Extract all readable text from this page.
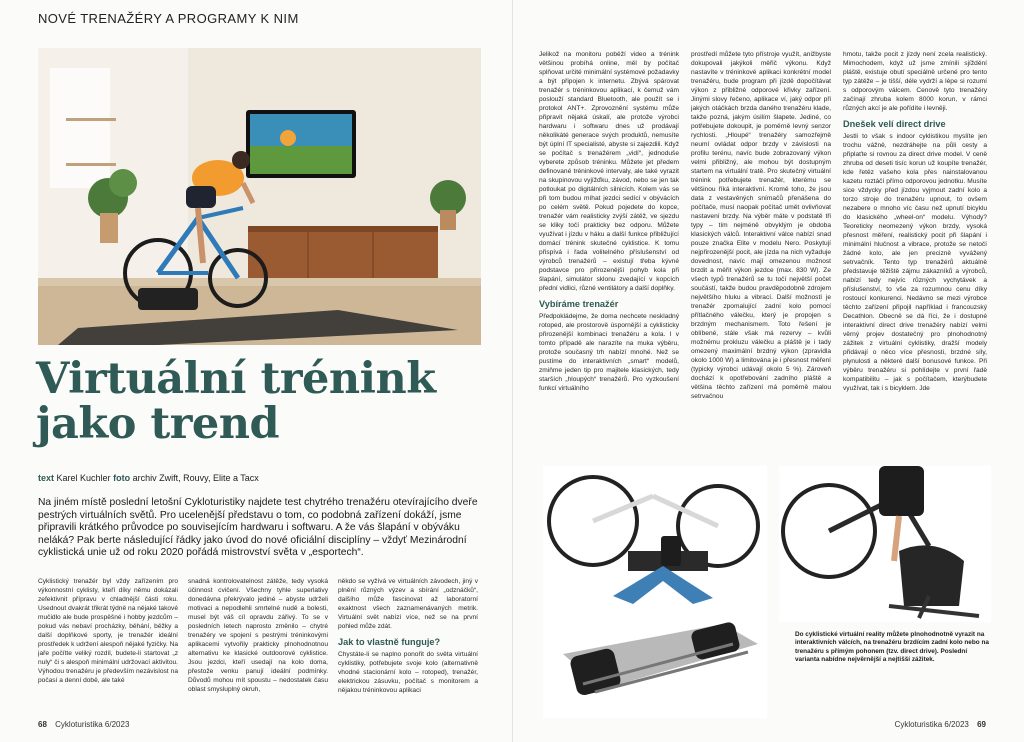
NOVÉ TRENAŽÉRY A PROGRAMY K NIM
Virtuální trénink
jako trend
text Karel Kuchler foto archiv Zwift, Rouvy, Elite a Tacx

Na jiném místě poslední letošní Cykloturistiky najdete test chytrého trenažéru otevírajícího dveře pestrých virtuálních světů. Pro ucelenější představu o tom, co podobná zařízení dokáží, jsme připravili krátkého průvodce po souvisejícím hardwaru i softwaru. A že vás šlapání v obýváku neláká? Pak berte následující řádky jako úvod do nové oficiální disciplíny – vždyť Mezinárodní cyklistická unie už od roku 2020 pořádá mistrovství světa v „esportech“.

Cyklistický trenažér byl vždy zařízením pro výkonnostní cyklisty, kteří díky němu dokázali zefektivnit přípravu v chladnější části roku. Usednout dvakrát třikrát týdně na nějaké takové mučidlo ale bude prospěšné i hobby jezdcům – pokud vás nebaví procházky, běhání, běžky a další doplňkové sporty, je trenažér ideální prostředek k udržení alespoň nějaké fyzičky. Na jaře počítte veliký rozdíl, budete-li startovat „z nuly“ či s alespoň minimální udržovací aktivitou. Výhodou trenažéru je především nezávislost na počasí a denní době, ale také

snadná kontrolovatelnost zátěže, tedy vysoká účinnost cvičení. Všechny tyhle superlativy donedávna překrývalo jediné – abyste udrželi motivaci a nepodlehli smrtelné nudě a bolesti, musel být váš cíl opravdu zářivý. To se v posledních letech naprosto změnilo – chytré trenažéry ve spojení s pestrými tréninkovými aplikacemi vytvořily prakticky plnohodnotnou alternativu ke klasické outdoorové cyklistice. Jsou jezdci, kteří usedají na kolo doma, přestože venku panují ideální podmínky. Důvodů mohou mít spoustu – nedostatek času oblast smysluplný okruh,

někdo se vyžívá ve virtuálních závodech, jiný v plnění různých výzev a sbírání „odznáčků“, dalšího může fascinovat až laboratorní exaktnost všech zaznamenávaných metrik. Virtuální svět nabízí více, než se na první pohled může zdát.

Jak to vlastně funguje?

Chystáte-li se naplno ponořit do světa virtuální cyklistiky, potřebujete svoje kolo (alternativně vhodné stacionární kolo – rotoped), trenažér, elektrickou zásuvku, počítač s monitorem a nějakou tréninkovou aplikaci

68 Cykloturistika 6/2023

Jelikož na monitoru poběží video a trénink většinou probíhá online, měl by počítač splňovat určité minimální systémové požadavky a být připojen k internetu. Zbývá spárovat trenažér s tréninkovou aplikací, k čemuž vám poslouží standard Bluetooth, ale použít se i protokol ANT+. Zprovoznění systému může připravit nějaká úskalí, ale protože výrobci hardwaru i softwaru dnes už prodávají několikáté generace svých produktů, nemusíte být úplní IT specialisté, abyste si zajezdili. Když se počítač s trenažérem „vidí“, jednoduše vyberete způsob tréninku. Můžete jet předem definované tréninkové intervaly, ale také vyrazit na skupinovou vyjížďku, závod, nebo se jen tak potloukat po digitálních silnicích. Kolem vás se při tom budou míhat jezdci sedící v obývácích po celém světě. Pokud pojedete do kopce, trenažér vám realisticky zvýší zátěž, ve sjezdu se kliky točí prakticky bez odporu. Můžete využívat i jízdu v háku a další funkce přibližující domácí trénink skutečné cyklistice. K tomu přispívá i řada volitelného příslušenství od výrobců trenažérů – existují třeba kývné podstavce pro přirozenější pohyb kola při šlapání, simulátor sklonu zvedající v kopcích přední vidlici, různé ventilátory a další doplňky.

Vybíráme trenažér

Předpokládejme, že doma nechcete neskladný rotoped, ale prostorově úspornější a cyklisticky přirozenější kombinaci trenažéru a kola. I v tomto případě ale narazíte na muka výběru, protože současný trh nabízí mnohé. Než se pustíme do interaktivních „smart“ modelů, zmiňme jeden tip pro majitele klasických, tedy starších „hloupých“ trenažérů. Pro vyzkoušení funkcí virtuálního

prostředí můžete tyto přístroje využít, anižbyste dokupovali jakýkoli měřič výkonu. Když nastavíte v tréninkové aplikaci konkrétní model trenažéru, bude program při jízdě dopočítávat výkon z přibližné odporové křivky zařízení. Jinými slovy řečeno, aplikace ví, jaký odpor při jakých otáčkách brzda daného trenažéru klade, takže pozná, jakým úsilím šlapete. Jediné, co potřebujete dokoupit, je poměrně levný senzor rychlosti. „Hloupé“ trenažéry samozřejmě neumí ovládat odpor brzdy v závislosti na profilu terénu, navíc bude zobrazovaný výkon velmi přibližný, ale mohou být dostupným startem na virtuální tratě. Pro skutečný virtuální trénink potřebujete trenažér, kterému se většinou říká interaktivní. Kromě toho, že jsou data z vestavěných snímačů přenášena do počítače, musí naopak počítač umět ovlivňovat nastavení brzdy. Na výběr máte v podstatě tři typy – tím nejméně obvyklým je obdoba klasických válců. Interaktivní válce nabízí snad pouze značka Elite v modelu Nero. Poskytují nejpřirozenější pocit, ale jízda na nich vyžaduje dovednost, navíc mají omezenou možnost brzdit a měřit výkon jezdce (max. 830 W). Ze všech typů trenažérů se tu točí největší počet součástí, takže budou pravděpodobně zdrojem největšího hluku a vibrací. Další možností je trenažér zpomalující zadní kolo pomocí přítlačného válečku, který je propojen s brzdným mechanismem. Toto řešení je oblíbené, stále však má rezervy – kvůli možnému prokluzu válečku a pláště je i tady omezený maximální brzdný výkon (zpravidla okolo 1000 W) a limitována je i přesnost měření (typicky výrobci udávají okolo 5 %). Zároveň dochází k opotřebování zadního pláště a většina těchto zařízení má poměrně malou setrvačnou

hmotu, takže pocit z jízdy není zcela realistický. Mimochodem, když už jsme zmínili sjíždění pláště, existuje obutí speciálně určené pro tento typ zátěže – je tišší, déle vydrží a lépe si rozumí s odporovým válcem. Cenově tyto trenažéry začínají zhruba kolem 8000 korun, v rámci různých akcí je ale pořídíte i levněji.

Dnešek velí direct drive

Jestli to však s indoor cyklistikou myslíte jen trochu vážně, nezdráhejte na půli cesty a připlaťte si rovnou za direct drive model. V ceně zhruba od deseti tisíc korun už koupíte trenažér, kde řetěz vašeho kola přes nainstalovanou kazetu roztáčí přímo odporovou jednotku. Musíte sice vždycky před jízdou vyjmout zadní kolo a torzo stroje do trenažéru upnout, to ovšem nezabere o mnoho víc času než upnutí bicyklu do klasického „wheel-on“ modelu. Výhody? Teoreticky neomezený výkon brzdy, vysoká přesnost měření, realistický pocit při šlapání i minimální hlučnost a vibrace, protože se netočí žádné kolo, ale jen precizně vyvážený setrvačník. Tento typ trenažérů aktuálně představuje těžiště zájmu zákazníků a výrobců, nabízí tedy nejvíc různých vychytávek a příslušenství, to vše za rozumnou cenu díky rostoucí konkurenci. Nedávno se mezi výrobce těchto zařízení připojil například i francouzský Decathlon. Obecně se dá říci, že i dostupné interaktivní direct drive trenažéry nabízí velmi věrný projev dostatečný pro plnohodnotný zážitek z virtuální cyklistiky, dražší modely přidávají o něco více přesnosti, brzdné síly, plynulosti a některé další bonusové funkce. Při výběru trenažéru si pohlídejte v první řadě kompatibilitu – jak s počítačem, kterýbudete využívat, tak i s bicyklem. Jde

Do cyklistické virtuální reality můžete plnohodnotně vyrazit na interaktivních válcích, na trenažéru brzdícím zadní kolo nebo na trenažéru s přímým pohonem (tzv. direct drive). Poslední varianta nabídne nejvěrnější a nejtišší zážitek.

Cykloturistika 6/2023 69
